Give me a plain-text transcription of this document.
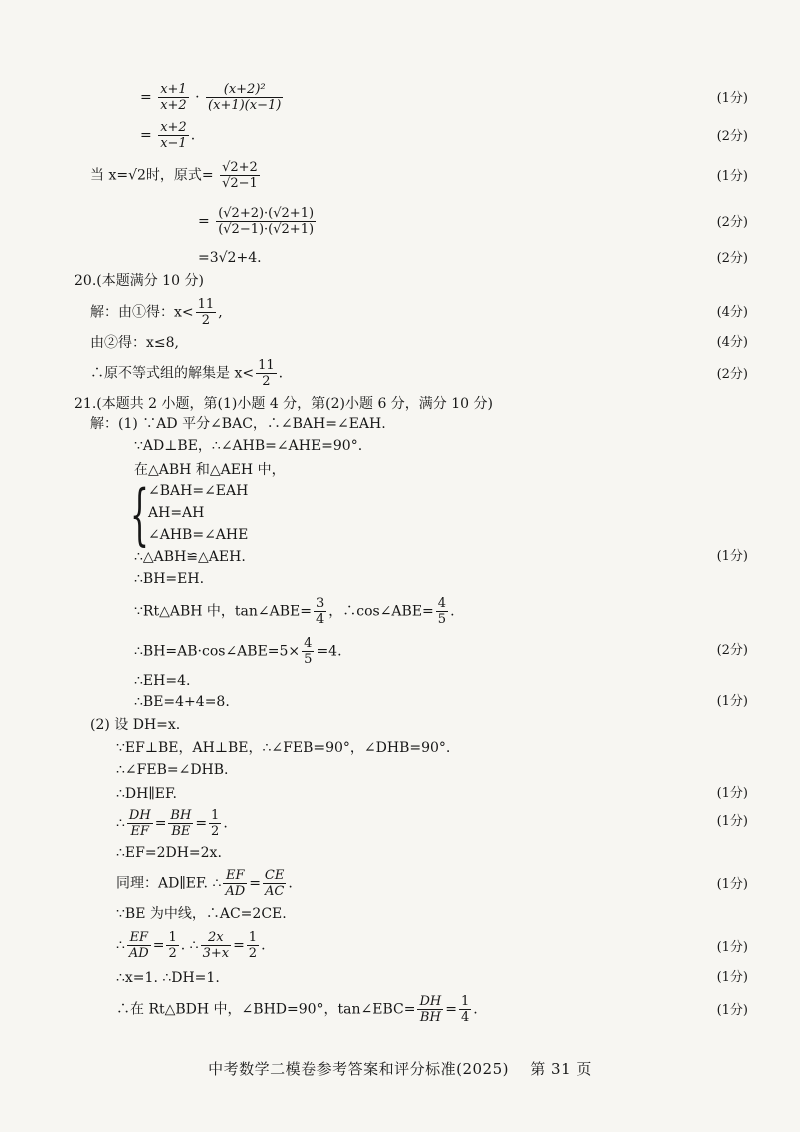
= $\frac{x+1}{x+2} \cdot \frac{\text{(x+2)²}}{(x+1)(x-1)}$	(1分)
= $\frac{x+2}{x-1}$ .	(2分)
当 x=√2时，原式= $\frac{√2+2}{√2-1}$	(1分)
= $\frac{(√2+2)\cdot(√2+1)}{(√2-1)\cdot(√2+1)}$	(2分)
=3√2+4.	(2分)
20.(本题满分 10 分)
解：由①得：$x< \frac{11}{2}$ ,	(4分)
由②得：x≤8,	(4分)
∴原不等式组的解集是 $x< \frac{11}{2}$ .	(2分)
21.(本题共 2 小题，第(1)小题 4 分，第(2)小题 6 分，满分 10 分)
解：(1) ∵AD 平分∠BAC，∴∠BAH=∠EAH.
∵AD⊥BE，∴∠AHB=∠AHE=90°.
在△ABH 和△AEH 中，
{ ∠BAH=∠EAH
AH=AH
∠AHB=∠AHE
∴△ABH≌△AEH.	(1分)
∴BH=EH.
∵Rt△ABH 中，tan∠ABE= $\frac{3}{4}$ ，∴cos∠ABE= $\frac{4}{5}$ .
∴BH=AB·cos∠ABE=5× $\frac{4}{5} =4$.	(2分)
∴EH=4.
∴BE=4+4=8.	(1分)
(2) 设 DH=x.
∵EF⊥BE，AH⊥BE，∴∠FEB=90°，∠DHB=90°.
∴∠FEB=∠DHB.
∴DH∥EF.	(1分)
∴ $\frac{DH}{EF} = \frac{BH}{BE} = \frac{1}{2}$ .	(1分)
∴EF=2DH=2x.
同理：AD∥EF. ∴ $\frac{EF}{AD} = \frac{CE}{AC}$ .	(1分)
∵BE 为中线，∴AC=2CE.
∴ $\frac{EF}{AD} = \frac{1}{2}$ . ∴ $\frac{2x}{3+x} = \frac{1}{2}$ .	(1分)
∴x=1. ∴DH=1.	(1分)
∴在 Rt△BDH 中，∠BHD=90°，tan∠EBC= $\frac{DH}{BH} = \frac{1}{4}$ .	(1分)
中考数学二模卷参考答案和评分标准(2025) 第 31 页
